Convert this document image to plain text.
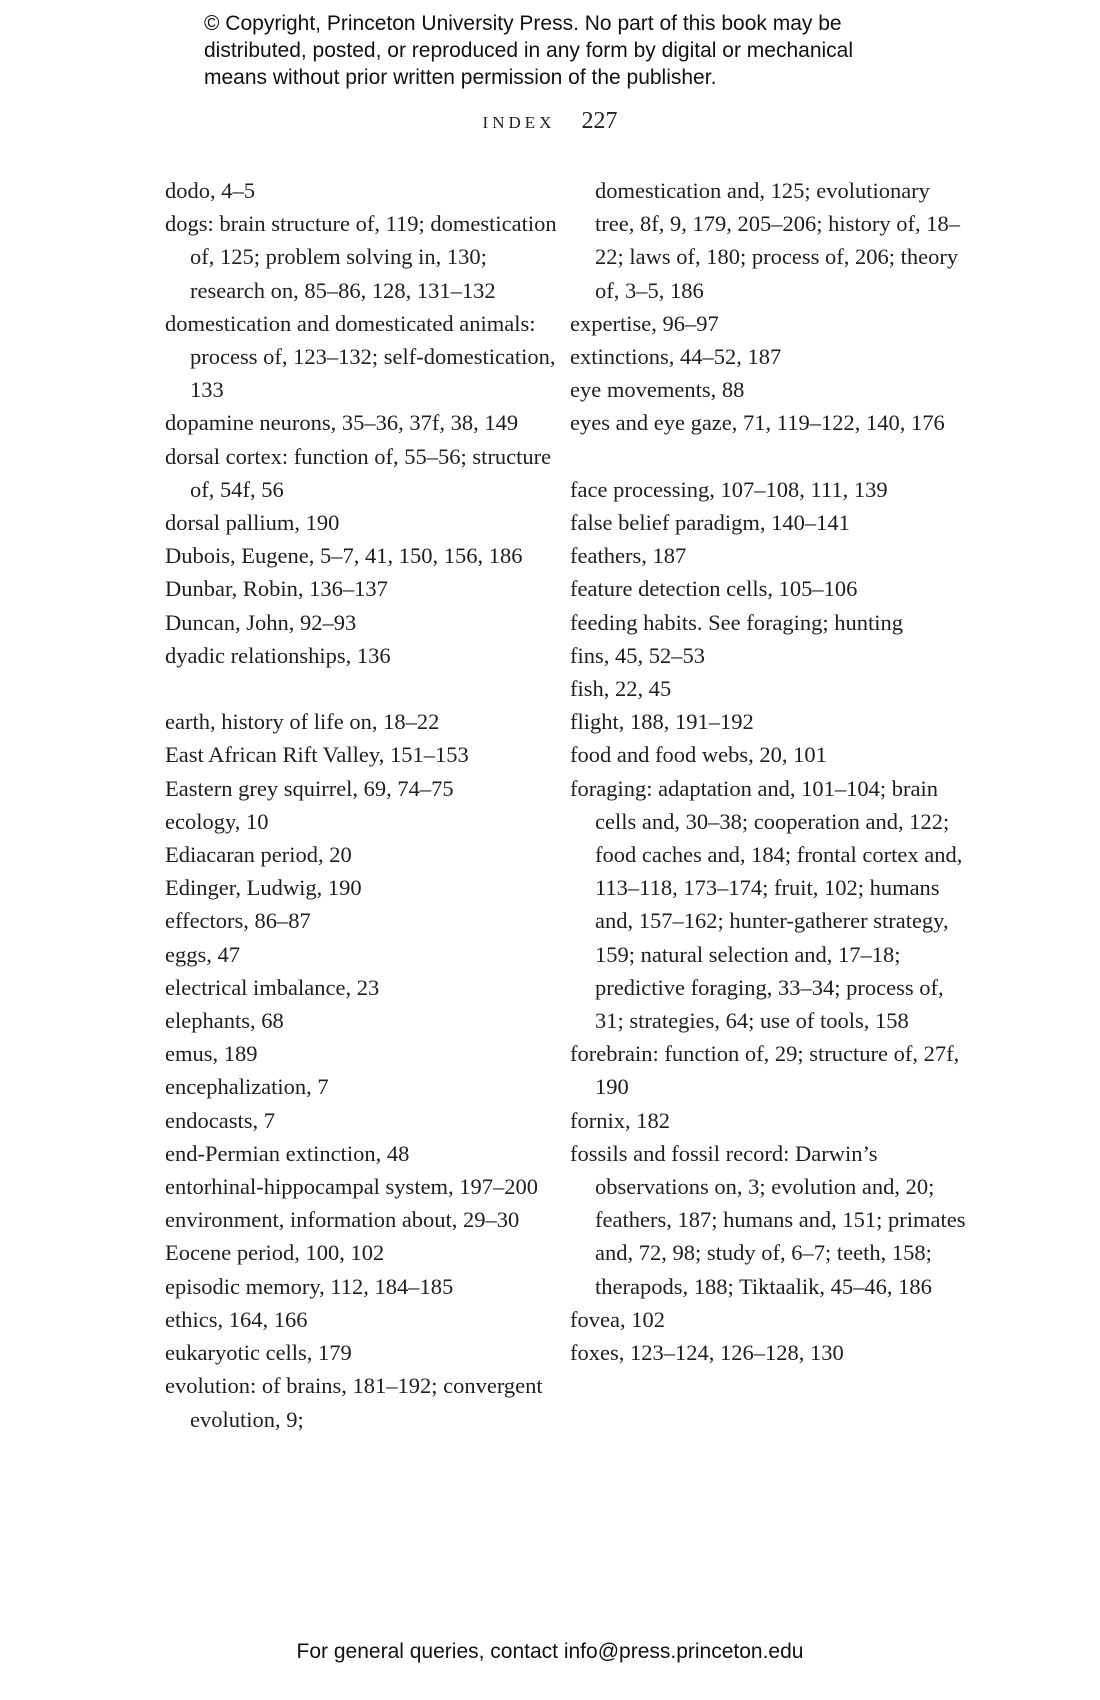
© Copyright, Princeton University Press. No part of this book may be
distributed, posted, or reproduced in any form by digital or mechanical
means without prior written permission of the publisher.
INDEX 227
dodo, 4–5
dogs: brain structure of, 119; domestication of, 125; problem solving in, 130; research on, 85–86, 128, 131–132
domestication and domesticated animals: process of, 123–132; self-domestication, 133
dopamine neurons, 35–36, 37f, 38, 149
dorsal cortex: function of, 55–56; structure of, 54f, 56
dorsal pallium, 190
Dubois, Eugene, 5–7, 41, 150, 156, 186
Dunbar, Robin, 136–137
Duncan, John, 92–93
dyadic relationships, 136
earth, history of life on, 18–22
East African Rift Valley, 151–153
Eastern grey squirrel, 69, 74–75
ecology, 10
Ediacaran period, 20
Edinger, Ludwig, 190
effectors, 86–87
eggs, 47
electrical imbalance, 23
elephants, 68
emus, 189
encephalization, 7
endocasts, 7
end-Permian extinction, 48
entorhinal-hippocampal system, 197–200
environment, information about, 29–30
Eocene period, 100, 102
episodic memory, 112, 184–185
ethics, 164, 166
eukaryotic cells, 179
evolution: of brains, 181–192; convergent evolution, 9;
domestication and, 125; evolutionary tree, 8f, 9, 179, 205–206; history of, 18–22; laws of, 180; process of, 206; theory of, 3–5, 186
expertise, 96–97
extinctions, 44–52, 187
eye movements, 88
eyes and eye gaze, 71, 119–122, 140, 176
face processing, 107–108, 111, 139
false belief paradigm, 140–141
feathers, 187
feature detection cells, 105–106
feeding habits. See foraging; hunting
fins, 45, 52–53
fish, 22, 45
flight, 188, 191–192
food and food webs, 20, 101
foraging: adaptation and, 101–104; brain cells and, 30–38; cooperation and, 122; food caches and, 184; frontal cortex and, 113–118, 173–174; fruit, 102; humans and, 157–162; hunter-gatherer strategy, 159; natural selection and, 17–18; predictive foraging, 33–34; process of, 31; strategies, 64; use of tools, 158
forebrain: function of, 29; structure of, 27f, 190
fornix, 182
fossils and fossil record: Darwin’s observations on, 3; evolution and, 20; feathers, 187; humans and, 151; primates and, 72, 98; study of, 6–7; teeth, 158; therapods, 188; Tiktaalik, 45–46, 186
fovea, 102
foxes, 123–124, 126–128, 130
For general queries, contact info@press.princeton.edu
